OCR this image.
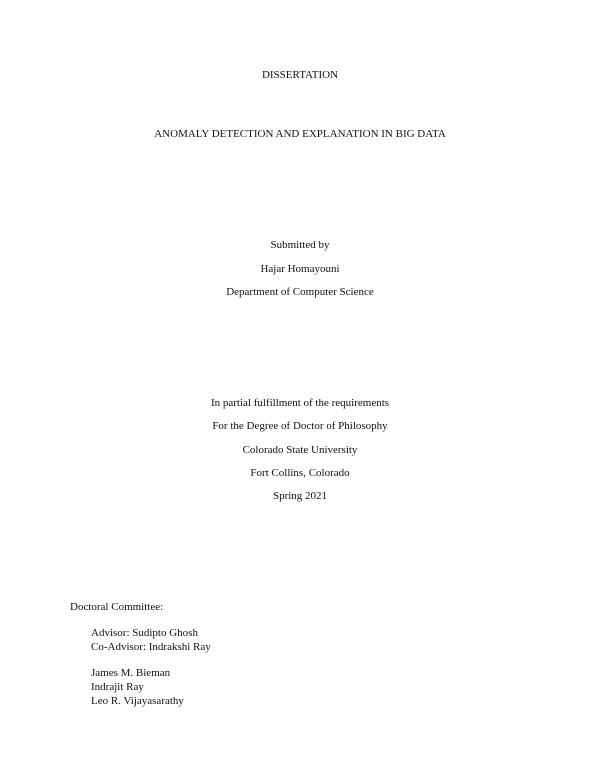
DISSERTATION
ANOMALY DETECTION AND EXPLANATION IN BIG DATA
Submitted by
Hajar Homayouni
Department of Computer Science
In partial fulfillment of the requirements
For the Degree of Doctor of Philosophy
Colorado State University
Fort Collins, Colorado
Spring 2021
Doctoral Committee:
Advisor: Sudipto Ghosh
Co-Advisor: Indrakshi Ray
James M. Bieman
Indrajit Ray
Leo R. Vijayasarathy
